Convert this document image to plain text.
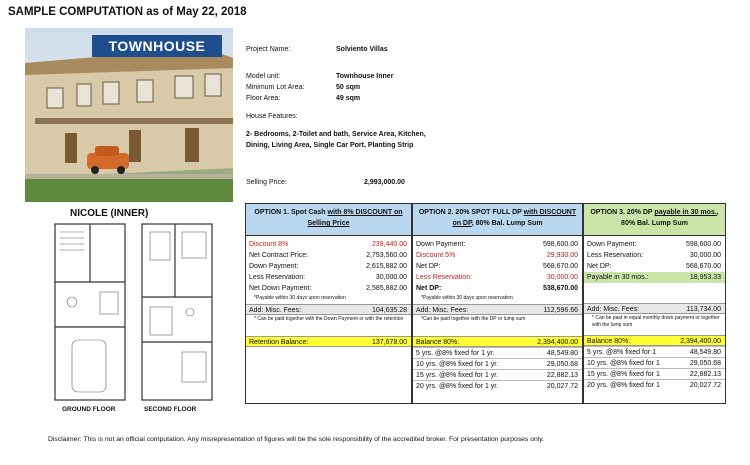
SAMPLE COMPUTATION as of May 22, 2018
TOWNHOUSE	Project Name:	Solviento Villas
Model unit:	Townhouse Inner
Minimum Lot Area:	50 sqm
Floor Area:	49 sqm
House Features:
2- Bedrooms, 2-Toilet and bath, Service Area, Kitchen, Dining, Living Area, Single Car Port, Planting Strip
Selling Price:	2,993,000.00
NICOLE (INNER)
GROUND FLOOR	SECOND FLOOR
OPTION 1. Spot Cash with 8% DISCOUNT on Selling Price
Discount 8%	239,440.00
Net Contract Price:	2,753,560.00
Down Payment:	2,615,882.00
Less Reservation:	30,000.00
Net Down Payment:	2,585,882.00
*Payable within 30 days upon reservation
Add: Misc. Fees:	104,635.28
* Can be paid together with the Down Payment or with the retention
Retention Balance:	137,678.00
OPTION 2. 20% SPOT FULL DP with DISCOUNT on DP, 80% Bal. Lump Sum
Down Payment:	598,600.00
Discount 5%	29,930.00
Net DP:	568,670.00
Less Reservation:	30,000.00
Net DP:	538,670.00
*Payable within 30 days upon reservation
Add: Misc. Fees:	112,596.66
*Can be paid together with the DP or lump sum
Balance 80%:	2,394,400.00
5 yrs. @8% fixed for 1 yr.	48,549.80
10 yrs. @8% fixed for 1 yr.	29,050.68
15 yrs. @8% fixed for 1 yr.	22,882.13
20 yrs. @8% fixed for 1 yr.	20,027.72
OPTION 3. 20% DP payable in 30 mos., 80% Bal. Lump Sum
Down Payment:	598,600.00
Less Reservation:	30,000.00
Net DP:	568,670.00
Payable in 30 mos.:	18,953.33
Add: Misc. Fees:	113,734.00
* Can be paid in equal monthly down payment or together with the lump sum
Balance 80%:	2,394,400.00
5 yrs. @8% fixed for 1	48,549.80
10 yrs. @8% fixed for 1	29,050.68
15 yrs. @8% fixed for 1	22,882.13
20 yrs. @8% fixed for 1	20,027.72
Disclaimer: This is not an official computation. Any misrepresentation of figures will be the sole responsibility of the accredited broker. For presentation purposes only.
